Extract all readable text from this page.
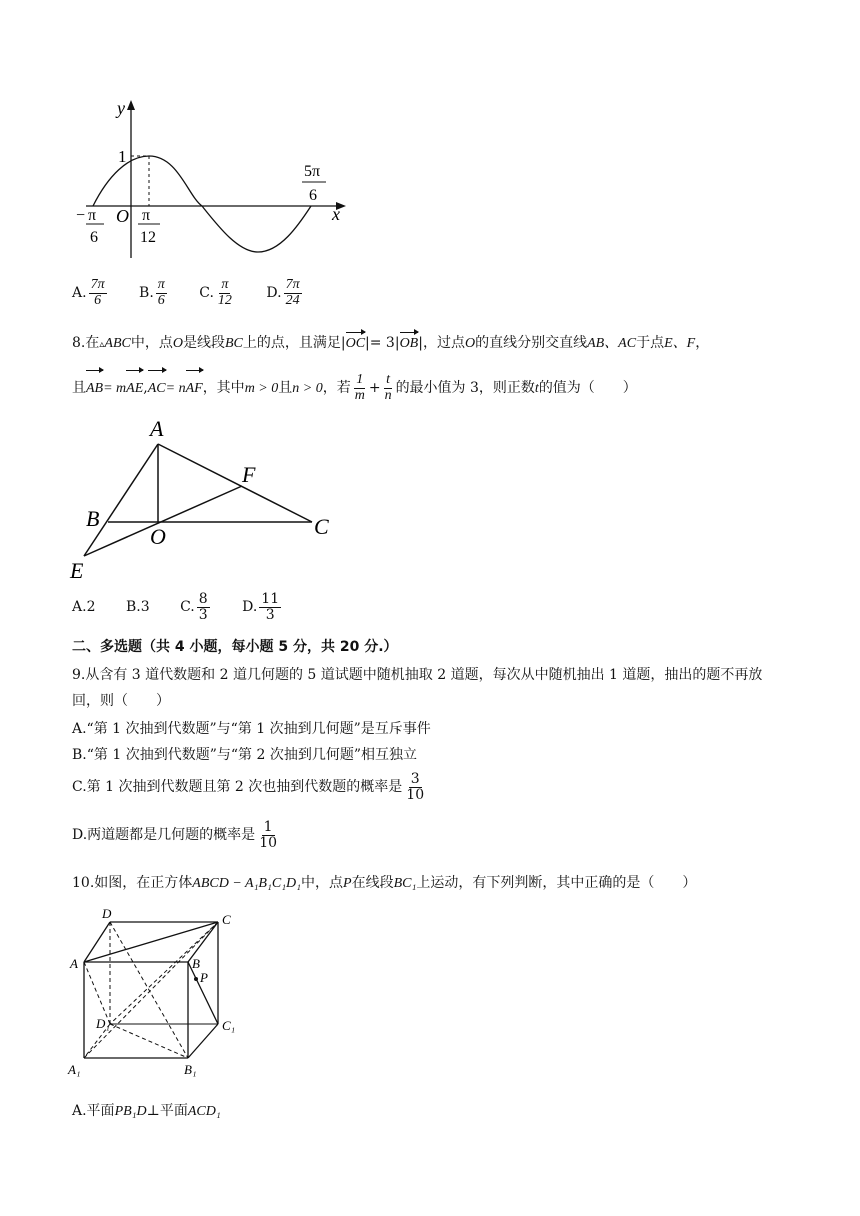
y
x
O
1
− π
6
π
12
5π
6
A. $\frac{7\pi}{6}$
B. $\frac{\pi}{6}$
C. $\frac{\pi}{12}$
D. $\frac{7\pi}{24}$
8.在▵ABC中，点O是线段BC上的点，且满足|OC|= 3|OB|，过点O的直线分别交直线AB、AC于点E、F，
且AB= mAE,AC= nAF，其中m > 0且n > 0，若 $\frac{1}{m} + \frac{t}{n}$ 的最小值为 3，则正数t的值为（　　）
A
B	C
O
E
F
A. 2
B. 3
C. $\frac{8}{3}$
D. $\frac{11}{3}$
二、多选题（共 4 小题，每小题 5 分，共 20 分.）
9.从含有 3 道代数题和 2 道几何题的 5 道试题中随机抽取 2 道题，每次从中随机抽出 1 道题，抽出的题不再放
回，则（　　）
A.“第 1 次抽到代数题”与“第 1 次抽到几何题”是互斥事件
B.“第 1 次抽到代数题”与“第 2 次抽到几何题”相互独立
C.第 1 次抽到代数题且第 2 次也抽到代数题的概率是 $\frac{3}{10}$
D.两道题都是几何题的概率是 $\frac{1}{10}$
10.如图，在正方体ABCD − A₁B₁C₁D₁中，点P在线段BC₁上运动，有下列判断，其中正确的是（　　）
D	C
A	B
P
D₁	C₁
A₁	B₁
A.平面PB₁D⊥平面ACD₁
